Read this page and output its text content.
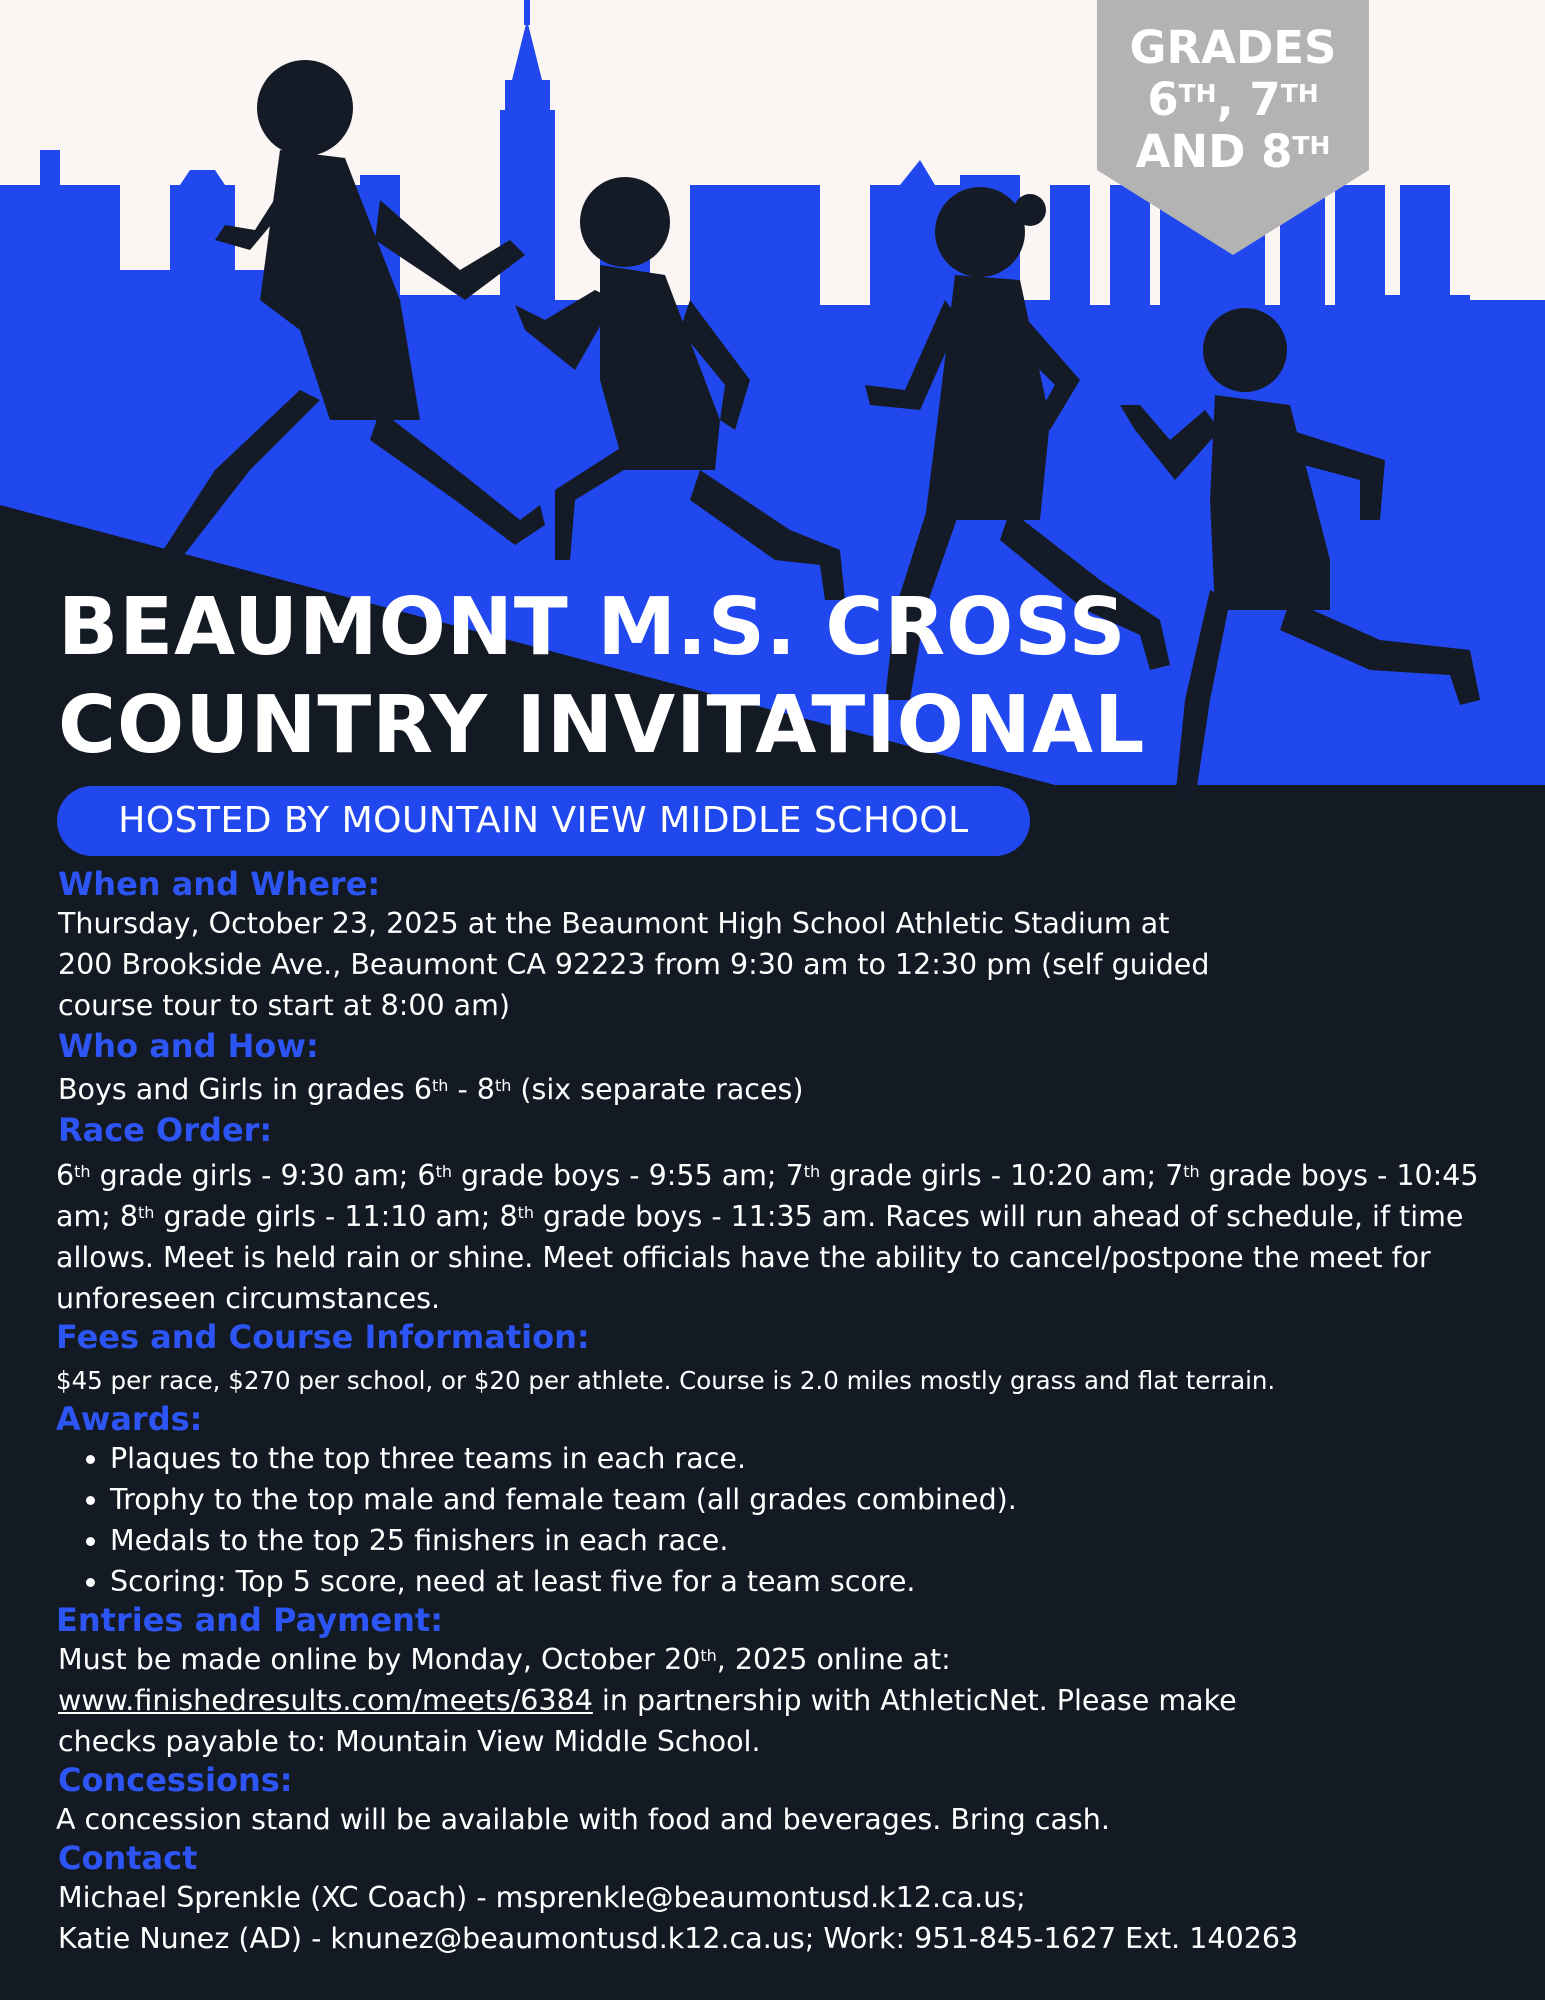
GRADES
6TH, 7TH
AND 8TH
BEAUMONT M.S. CROSS
COUNTRY INVITATIONAL
HOSTED BY MOUNTAIN VIEW MIDDLE SCHOOL
When and Where:

Thursday, October 23, 2025 at the Beaumont High School Athletic Stadium at

200 Brookside Ave., Beaumont CA 92223 from 9:30 am to 12:30 pm (self guided

course tour to start at 8:00 am)

Who and How:

Boys and Girls in grades 6th - 8th (six separate races)

Race Order:

6th grade girls - 9:30 am; 6th grade boys - 9:55 am; 7th grade girls - 10:20 am; 7th grade boys - 10:45 am; 8th grade girls - 11:10 am; 8th grade boys - 11:35 am. Races will run ahead of schedule, if time allows. Meet is held rain or shine. Meet officials have the ability to cancel/postpone the meet for unforeseen circumstances.

Fees and Course Information:

$45 per race, $270 per school, or $20 per athlete. Course is 2.0 miles mostly grass and flat terrain.

Awards:
• Plaques to the top three teams in each race.
• Trophy to the top male and female team (all grades combined).
• Medals to the top 25 finishers in each race.
• Scoring: Top 5 score, need at least five for a team score.
Entries and Payment:

Must be made online by Monday, October 20th, 2025 online at:

www.finishedresults.com/meets/6384 in partnership with AthleticNet. Please make

checks payable to: Mountain View Middle School.

Concessions:

A concession stand will be available with food and beverages. Bring cash.

Contact

Michael Sprenkle (XC Coach) - msprenkle@beaumontusd.k12.ca.us;

Katie Nunez (AD) - knunez@beaumontusd.k12.ca.us; Work: 951-845-1627 Ext. 140263
